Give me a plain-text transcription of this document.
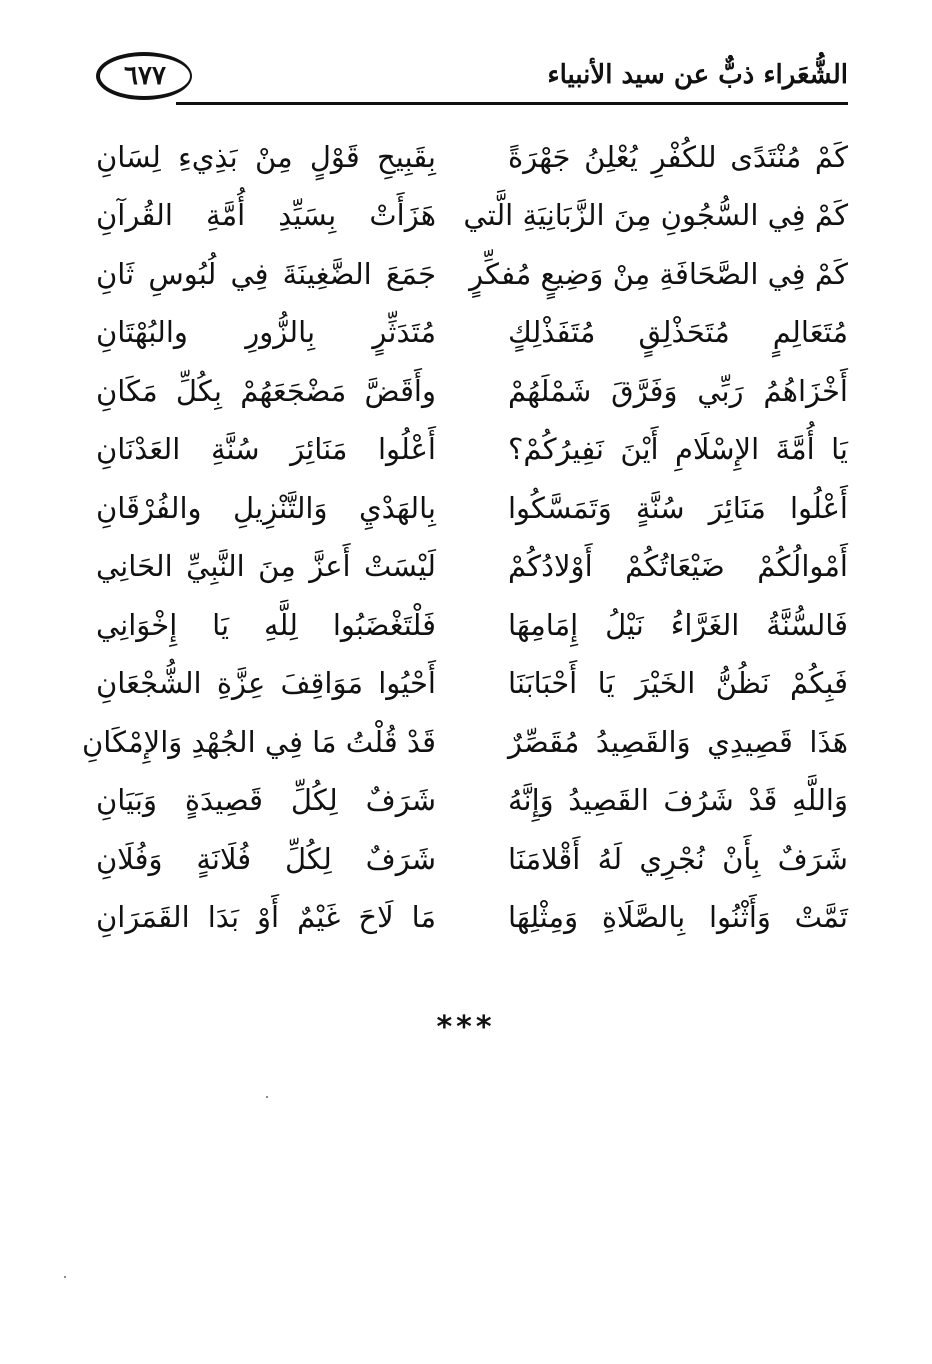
الشُّعَراء ذبٌّ عن سيد الأنبياء
٦٧٧
كَمْ مُنْتَدًى للكُفْرِ يُعْلِنُ جَهْرَةً
بِقَبِيحِ قَوْلٍ مِنْ بَذِيءِ لِسَانِ
كَمْ فِي السُّجُونِ مِنَ الزَّبَانِيَةِ الَّتي
هَزَأَتْ بِسَيِّدِ أُمَّةِ القُرآنِ
كَمْ فِي الصَّحَافَةِ مِنْ وَضِيعٍ مُفكِّرٍ
جَمَعَ الضَّغِينَةَ فِي لُبُوسِ ثَانِ
مُتَعَالِمٍ مُتَحَذْلِقٍ مُتَفَذْلِكٍ
مُتَدَثِّرٍ بِالزُّورِ والبُهْتَانِ
أَخْزَاهُمُ رَبِّي وَفَرَّقَ شَمْلَهُمْ
وأَقَضَّ مَضْجَعَهُمْ بِكُلِّ مَكَانِ
يَا أُمَّةَ الإِسْلَامِ أَيْنَ نَفِيرُكُمْ؟
أَعْلُوا مَنَائِرَ سُنَّةِ العَدْنَانِ
أَعْلُوا مَنَائِرَ سُنَّةٍ وَتَمَسَّكُوا
بِالهَدْيِ وَالتَّنْزِيلِ والفُرْقَانِ
أَمْوالُكُمْ ضَيْعَاتُكُمْ أَوْلادُكُمْ
لَيْسَتْ أَعزَّ مِنَ النَّبِيِّ الحَانِي
فَالسُّنَّةُ الغَرَّاءُ نَيْلُ إِمَامِهَا
فَلْتَغْضَبُوا لِلَّهِ يَا إِخْوَانِي
فَبِكُمْ نَظُنُّ الخَيْرَ يَا أَحْبَابَنَا
أَحْيُوا مَوَاقِفَ عِزَّةِ الشُّجْعَانِ
هَذَا قَصِيدِي وَالقَصِيدُ مُقَصِّرٌ
قَدْ قُلْتُ مَا فِي الجُهْدِ وَالإِمْكَانِ
وَاللَّهِ قَدْ شَرُفَ القَصِيدُ وَإِنَّهُ
شَرَفٌ لِكُلِّ قَصِيدَةٍ وَبَيَانِ
شَرَفٌ بِأَنْ نُجْرِي لَهُ أَقْلامَنَا
شَرَفٌ لِكُلِّ فُلَانَةٍ وَفُلَانِ
تَمَّتْ وَأَثْنُوا بِالصَّلَاةِ وَمِثْلِهَا
مَا لَاحَ غَيْمٌ أَوْ بَدَا القَمَرَانِ
***
